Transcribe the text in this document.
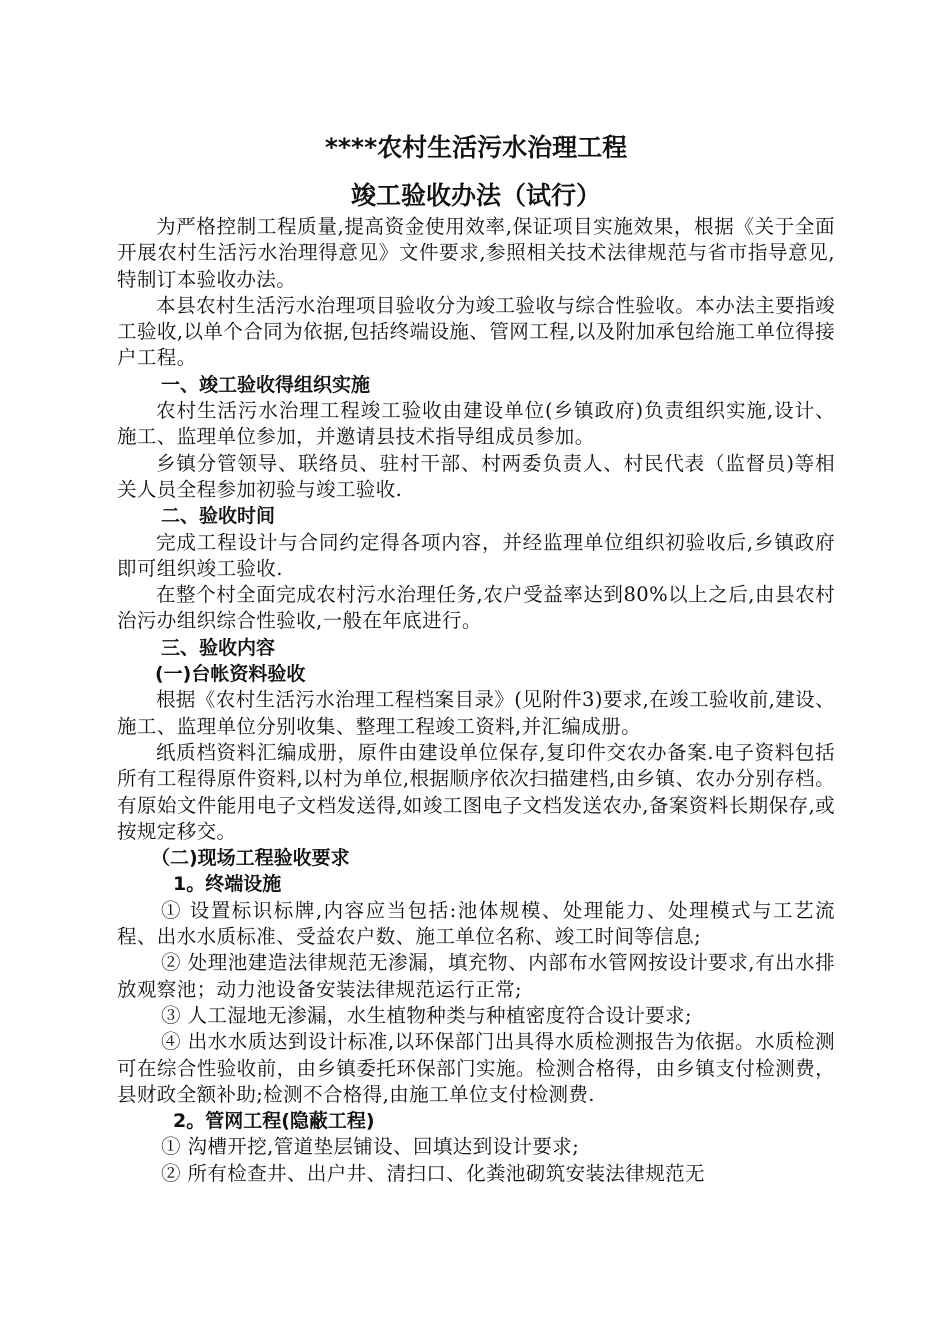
****农村生活污水治理工程
竣工验收办法（试行）

为严格控制工程质量,提高资金使用效率,保证项目实施效果，根据《关于全面开展农村生活污水治理得意见》文件要求,参照相关技术法律规范与省市指导意见,特制订本验收办法。

本县农村生活污水治理项目验收分为竣工验收与综合性验收。本办法主要指竣工验收,以单个合同为依据,包括终端设施、管网工程,以及附加承包给施工单位得接户工程。

一、竣工验收得组织实施

农村生活污水治理工程竣工验收由建设单位(乡镇政府)负责组织实施,设计、施工、监理单位参加，并邀请县技术指导组成员参加。

乡镇分管领导、联络员、驻村干部、村两委负责人、村民代表（监督员)等相关人员全程参加初验与竣工验收.

二、验收时间

完成工程设计与合同约定得各项内容，并经监理单位组织初验收后,乡镇政府即可组织竣工验收.

在整个村全面完成农村污水治理任务,农户受益率达到80%以上之后,由县农村治污办组织综合性验收,一般在年底进行。

三、验收内容

(一)台帐资料验收

根据《农村生活污水治理工程档案目录》(见附件3)要求,在竣工验收前,建设、施工、监理单位分别收集、整理工程竣工资料,并汇编成册。

纸质档资料汇编成册，原件由建设单位保存,复印件交农办备案.电子资料包括所有工程得原件资料,以村为单位,根据顺序依次扫描建档,由乡镇、农办分别存档。有原始文件能用电子文档发送得,如竣工图电子文档发送农办,备案资料长期保存,或按规定移交。

（二)现场工程验收要求

1。终端设施

① 设置标识标牌,内容应当包括:池体规模、处理能力、处理模式与工艺流程、出水水质标准、受益农户数、施工单位名称、竣工时间等信息;

② 处理池建造法律规范无渗漏，填充物、内部布水管网按设计要求,有出水排放观察池；动力池设备安装法律规范运行正常;

③ 人工湿地无渗漏，水生植物种类与种植密度符合设计要求;

④ 出水水质达到设计标准,以环保部门出具得水质检测报告为依据。水质检测可在综合性验收前，由乡镇委托环保部门实施。检测合格得，由乡镇支付检测费，县财政全额补助;检测不合格得,由施工单位支付检测费.

2。管网工程(隐蔽工程)

① 沟槽开挖,管道垫层铺设、回填达到设计要求;

② 所有检查井、出户井、清扫口、化粪池砌筑安装法律规范无
